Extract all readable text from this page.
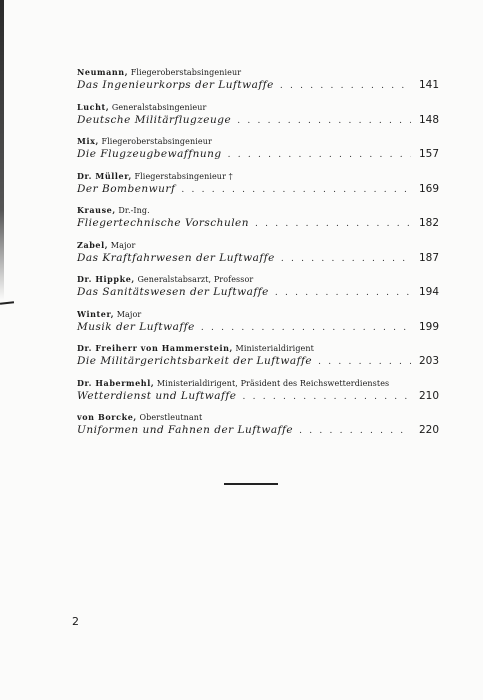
Neumann, Fliegeroberstabsingenieur
Das Ingenieurkorps der Luftwaffe . . .	141
Lucht, Generalstabsingenieur
Deutsche Militärflugzeuge . . .	148
Mix, Fliegeroberstabsingenieur
Die Flugzeugbewaffnung . . .	157
Dr. Müller, Fliegerstabsingenieur †
Der Bombenwurf . . .	169
Krause, Dr.-Ing.
Fliegertechnische Vorschulen . . .	182
Zabel, Major
Das Kraftfahrwesen der Luftwaffe . . .	187
Dr. Hippke, Generalstabsarzt, Professor
Das Sanitätswesen der Luftwaffe . . .	194
Winter, Major
Musik der Luftwaffe . . .	199
Dr. Freiherr von Hammerstein, Ministerialdirigent
Die Militärgerichtsbarkeit der Luftwaffe . . .	203
Dr. Habermehl, Ministerialdirigent, Präsident des Reichswetterdienstes
Wetterdienst und Luftwaffe . . .	210
von Borcke, Oberstleutnant
Uniformen und Fahnen der Luftwaffe . . .	220
2
